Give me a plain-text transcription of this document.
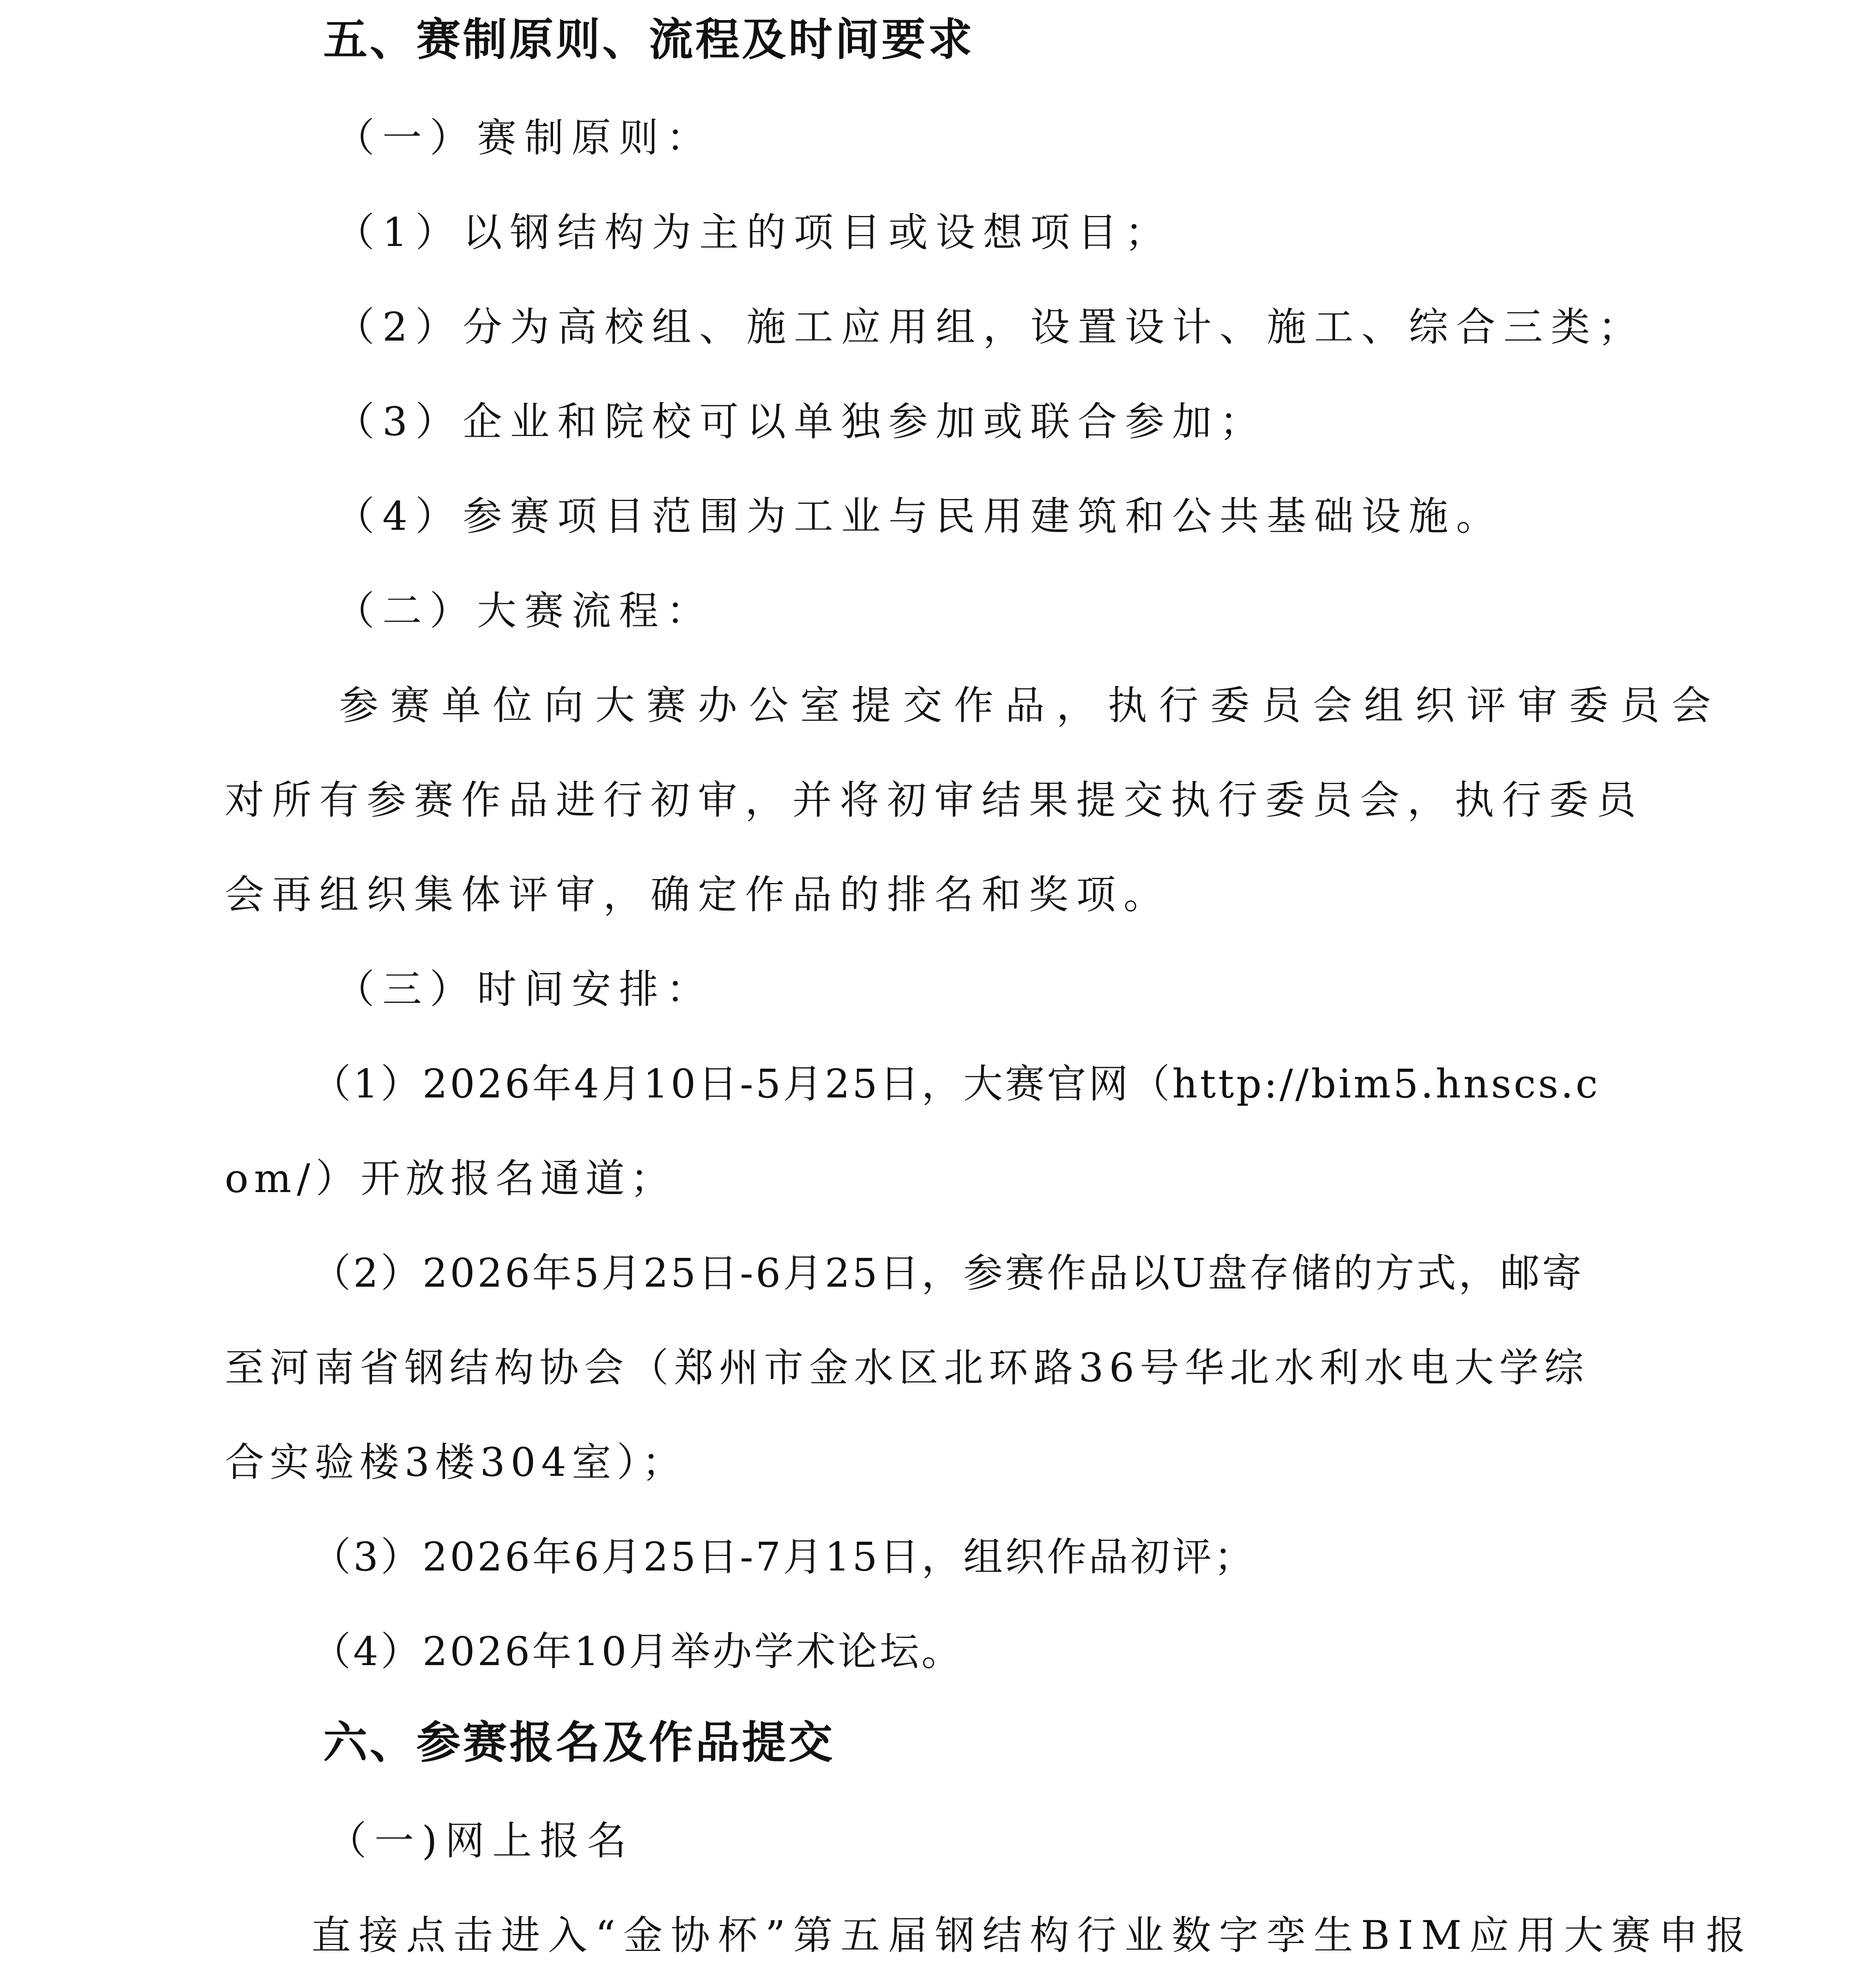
五、赛制原则、流程及时间要求

（一）赛制原则：

（1）以钢结构为主的项目或设想项目；

（2）分为高校组、施工应用组，设置设计、施工、综合三类；

（3）企业和院校可以单独参加或联合参加；

（4）参赛项目范围为工业与民用建筑和公共基础设施。

（二）大赛流程：

参赛单位向大赛办公室提交作品，执行委员会组织评审委员会

对所有参赛作品进行初审，并将初审结果提交执行委员会，执行委员

会再组织集体评审，确定作品的排名和奖项。

（三）时间安排：

（1）2026年4月10日-5月25日，大赛官网（http://bim5.hnscs.c

om/）开放报名通道；

（2）2026年5月25日-6月25日，参赛作品以U盘存储的方式，邮寄

至河南省钢结构协会（郑州市金水区北环路36号华北水利水电大学综

合实验楼3楼304室）；

（3）2026年6月25日-7月15日，组织作品初评；

（4）2026年10月举办学术论坛。

六、参赛报名及作品提交

（一)网上报名

直接点击进入“金协杯”第五届钢结构行业数字孪生BIM应用大赛申报
